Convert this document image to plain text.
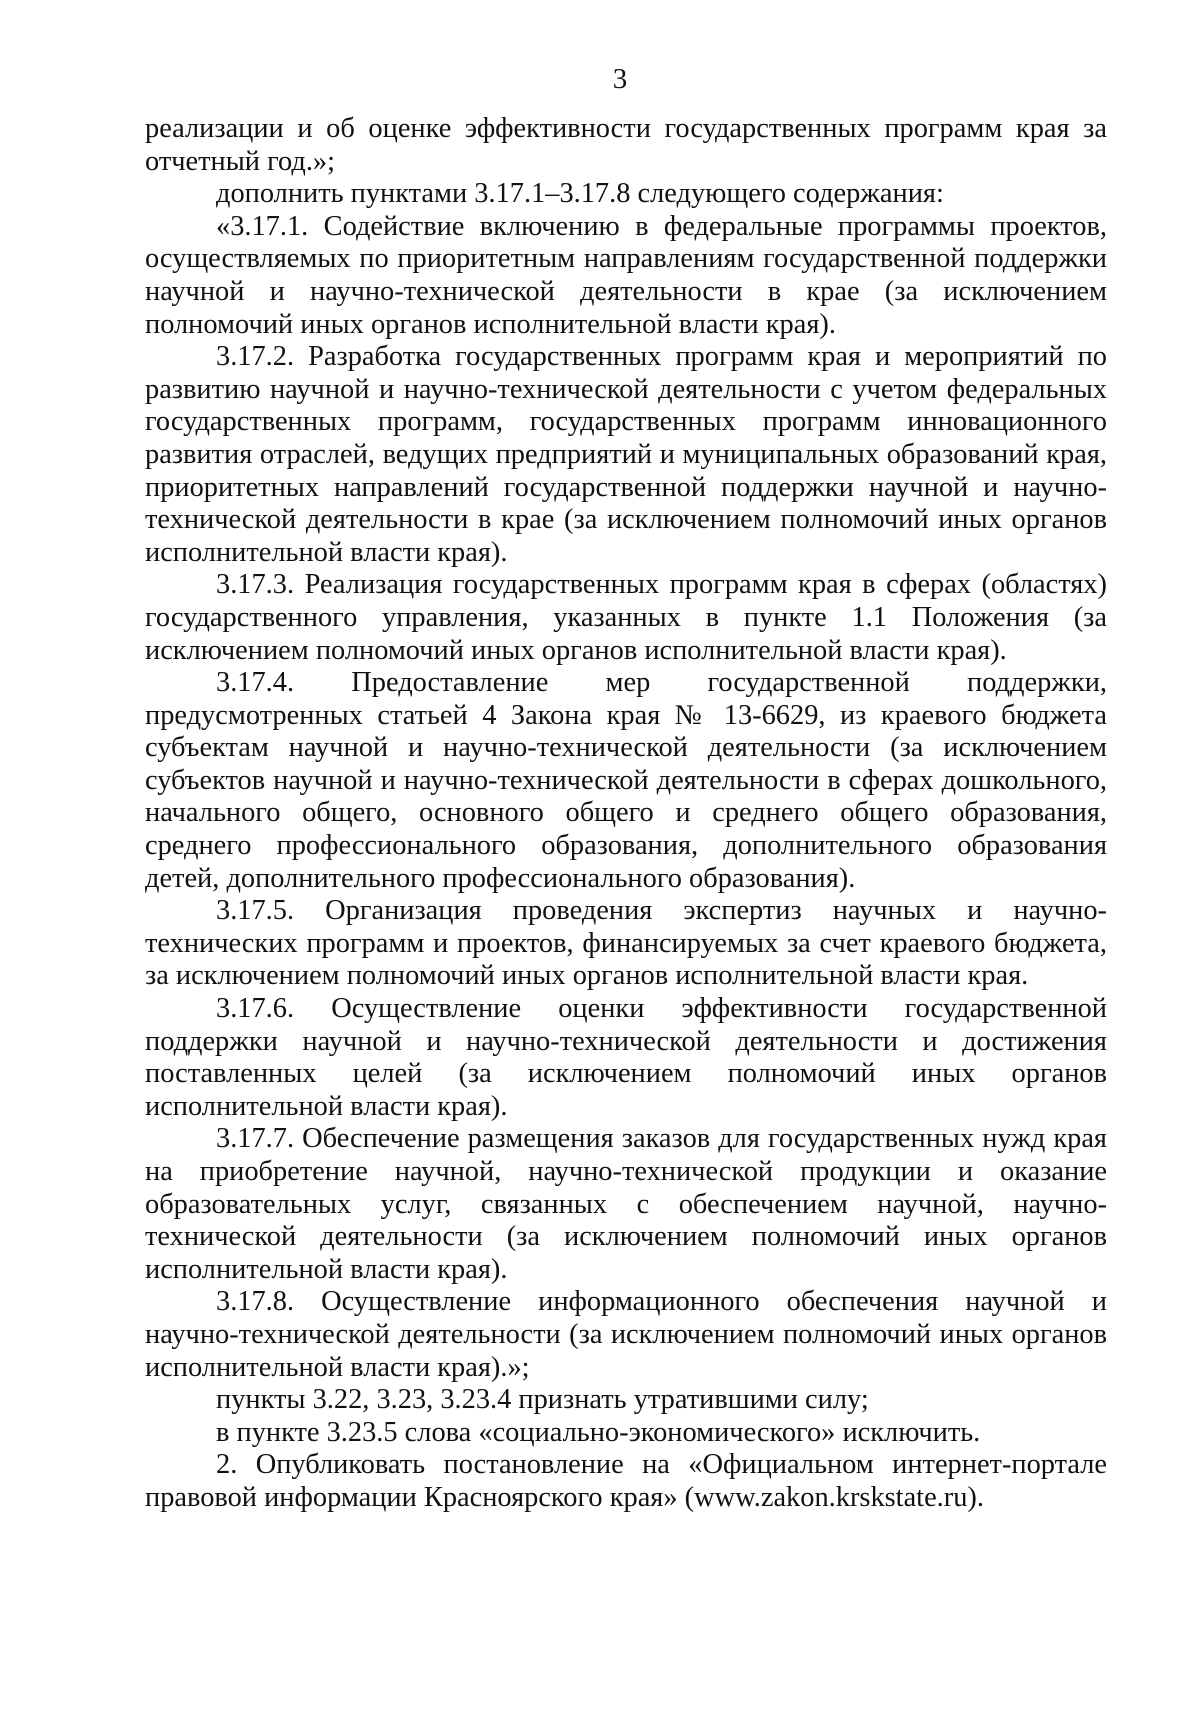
3

реализации и об оценке эффективности государственных программ края за отчетный год.»;

дополнить пунктами 3.17.1–3.17.8 следующего содержания:

«3.17.1. Содействие включению в федеральные программы проектов, осуществляемых по приоритетным направлениям государственной поддержки научной и научно-технической деятельности в крае (за исключением полномочий иных органов исполнительной власти края).

3.17.2. Разработка государственных программ края и мероприятий по развитию научной и научно-технической деятельности с учетом федеральных государственных программ, государственных программ инновационного развития отраслей, ведущих предприятий и муниципальных образований края, приоритетных направлений государственной поддержки научной и научно-технической деятельности в крае (за исключением полномочий иных органов исполнительной власти края).

3.17.3. Реализация государственных программ края в сферах (областях) государственного управления, указанных в пункте 1.1 Положения (за исключением полномочий иных органов исполнительной власти края).

3.17.4. Предоставление мер государственной поддержки, предусмотренных статьей 4 Закона края № 13-6629, из краевого бюджета субъектам научной и научно-технической деятельности (за исключением субъектов научной и научно-технической деятельности в сферах дошкольного, начального общего, основного общего и среднего общего образования, среднего профессионального образования, дополнительного образования детей, дополнительного профессионального образования).

3.17.5. Организация проведения экспертиз научных и научно-технических программ и проектов, финансируемых за счет краевого бюджета, за исключением полномочий иных органов исполнительной власти края.

3.17.6. Осуществление оценки эффективности государственной поддержки научной и научно-технической деятельности и достижения поставленных целей (за исключением полномочий иных органов исполнительной власти края).

3.17.7. Обеспечение размещения заказов для государственных нужд края на приобретение научной, научно-технической продукции и оказание образовательных услуг, связанных с обеспечением научной, научно-технической деятельности (за исключением полномочий иных органов исполнительной власти края).

3.17.8. Осуществление информационного обеспечения научной и научно-технической деятельности (за исключением полномочий иных органов исполнительной власти края).»;

пункты 3.22, 3.23, 3.23.4 признать утратившими силу;

в пункте 3.23.5 слова «социально-экономического» исключить.

2. Опубликовать постановление на «Официальном интернет-портале правовой информации Красноярского края» (www.zakon.krskstate.ru).
